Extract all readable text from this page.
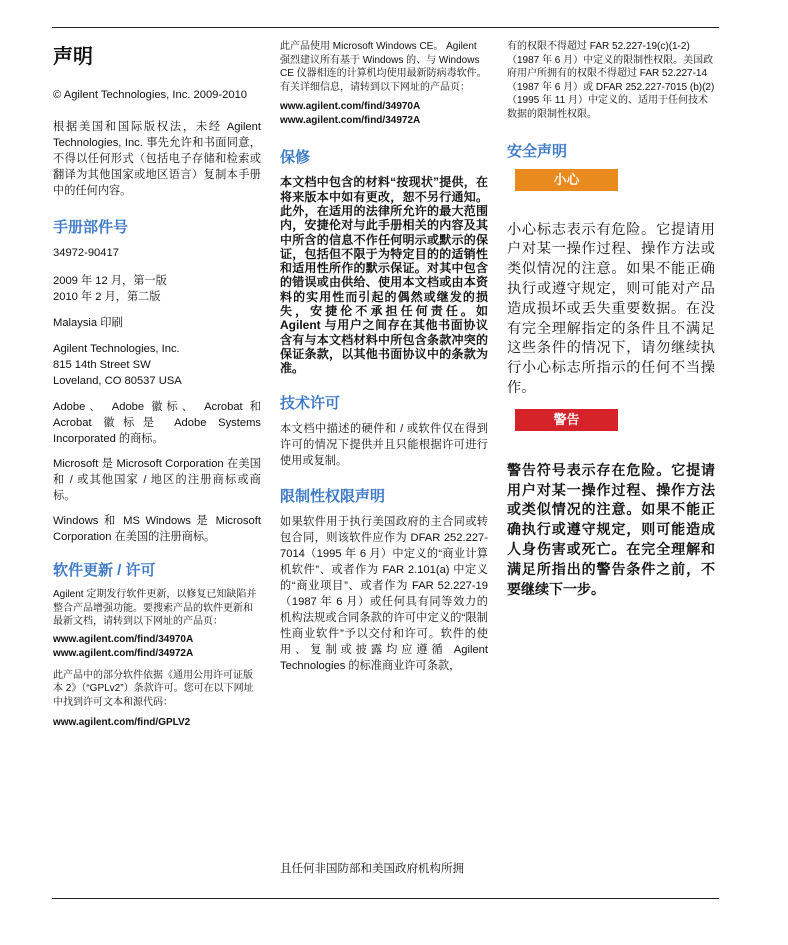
声明

© Agilent Technologies, Inc. 2009-2010

根据美国和国际版权法，未经 Agilent Technologies, Inc. 事先允许和书面同意，不得以任何形式（包括电子存储和检索或翻译为其他国家或地区语言）复制本手册中的任何内容。

手册部件号

34972-90417

2009 年 12 月，第一版

2010 年 2 月，第二版

Malaysia 印刷

Agilent Technologies, Inc.

815 14th Street SW

Loveland, CO 80537 USA

Adobe、 Adobe 徽标、 Acrobat 和 Acrobat 徽标是 Adobe Systems Incorporated 的商标。

Microsoft 是 Microsoft Corporation 在美国和 / 或其他国家 / 地区的注册商标或商标。

Windows 和 MS Windows 是 Microsoft Corporation 在美国的注册商标。

软件更新 / 许可

Agilent 定期发行软件更新，以修复已知缺陷并整合产品增强功能。要搜索产品的软件更新和最新文档，请转到以下网址的产品页：

www.agilent.com/find/34970A

www.agilent.com/find/34972A

此产品中的部分软件依据《通用公用许可证版本 2》（“GPLv2”）条款许可。您可在以下网址中找到许可文本和源代码：

www.agilent.com/find/GPLV2

此产品使用 Microsoft Windows CE。 Agilent 强烈建议所有基于 Windows 的、与 Windows CE 仪器相连的计算机均使用最新防病毒软件。有关详细信息，请转到以下网址的产品页：

www.agilent.com/find/34970A

www.agilent.com/find/34972A

保修

本文档中包含的材料“按现状”提供，在将来版本中如有更改，恕不另行通知。此外，在适用的法律所允许的最大范围内，安捷伦对与此手册相关的内容及其中所含的信息不作任何明示或默示的保证，包括但不限于为特定目的的适销性和适用性所作的默示保证。对其中包含的错误或由供给、使用本文档或由本资料的实用性而引起的偶然或继发的损失，安捷伦不承担任何责任。如 Agilent 与用户之间存在其他书面协议含有与本文档材料中所包含条款冲突的保证条款，以其他书面协议中的条款为准。

技术许可

本文档中描述的硬件和 / 或软件仅在得到许可的情况下提供并且只能根据许可进行使用或复制。

限制性权限声明

如果软件用于执行美国政府的主合同或转包合同，则该软件应作为 DFAR 252.227-7014（1995 年 6 月）中定义的“商业计算机软件”、或者作为 FAR 2.101(a) 中定义的“商业项目”、或者作为 FAR 52.227-19 （1987 年 6 月）或任何具有同等效力的机构法规或合同条款的许可中定义的“限制性商业软件”予以交付和许可。软件的使用、复制或披露均应遵循 Agilent Technologies 的标准商业许可条款，

有的权限不得超过 FAR 52.227-19(c)(1-2) （1987 年 6 月）中定义的限制性权限。美国政府用户所拥有的权限不得超过 FAR 52.227-14（1987 年 6 月）或 DFAR 252.227-7015 (b)(2)（1995 年 11 月）中定义的、适用于任何技术数据的限制性权限。

安全声明
小心

小心标志表示有危险。它提请用户对某一操作过程、操作方法或类似情况的注意。如果不能正确执行或遵守规定，则可能对产品造成损坏或丢失重要数据。在没有完全理解指定的条件且不满足这些条件的情况下，请勿继续执行小心标志所指示的任何不当操作。

警告

警告符号表示存在危险。它提请用户对某一操作过程、操作方法或类似情况的注意。如果不能正确执行或遵守规定，则可能造成人身伤害或死亡。在完全理解和满足所指出的警告条件之前，不要继续下一步。

且任何非国防部和美国政府机构所拥
